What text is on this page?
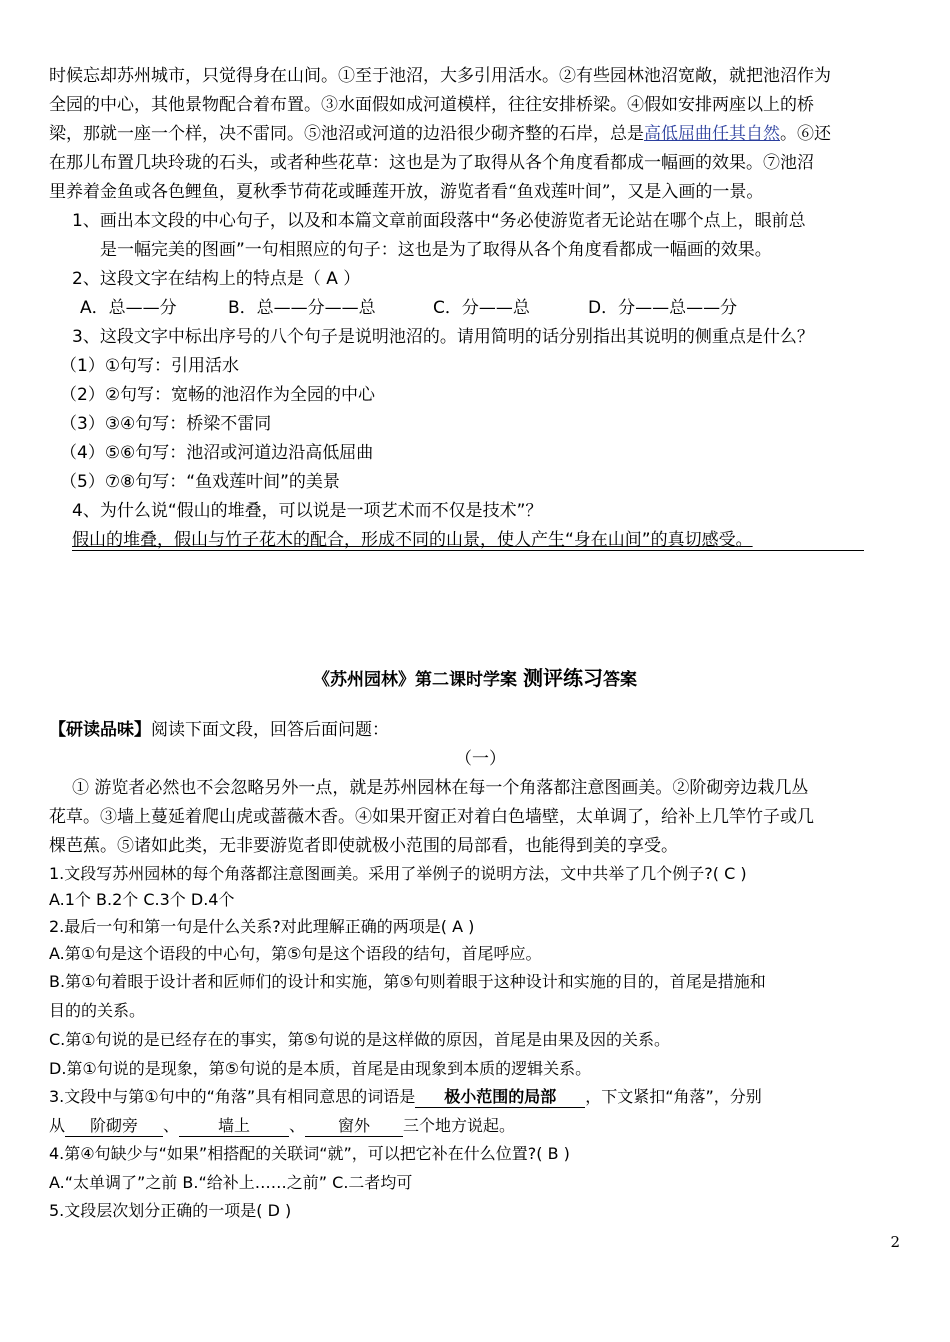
时候忘却苏州城市，只觉得身在山间。①至于池沼，大多引用活水。②有些园林池沼宽敞，就把池沼作为
全园的中心，其他景物配合着布置。③水面假如成河道模样，往往安排桥梁。④假如安排两座以上的桥
梁，那就一座一个样，决不雷同。⑤池沼或河道的边沿很少砌齐整的石岸，总是高低屈曲任其自然。⑥还
在那儿布置几块玲珑的石头，或者种些花草：这也是为了取得从各个角度看都成一幅画的效果。⑦池沼
里养着金鱼或各色鲤鱼，夏秋季节荷花或睡莲开放，游览者看“鱼戏莲叶间”，又是入画的一景。
1、画出本文段的中心句子，以及和本篇文章前面段落中“务必使游览者无论站在哪个点上，眼前总
是一幅完美的图画”一句相照应的句子：这也是为了取得从各个角度看都成一幅画的效果。
2、这段文字在结构上的特点是（ A ）
A．总——分	B．总——分——总	C．分——总	D．分——总——分
3、这段文字中标出序号的八个句子是说明池沼的。请用简明的话分别指出其说明的侧重点是什么？
（1）①句写：引用活水
（2）②句写：宽畅的池沼作为全园的中心
（3）③④句写：桥梁不雷同
（4）⑤⑥句写：池沼或河道边沿高低屈曲
（5）⑦⑧句写：“鱼戏莲叶间”的美景
4、为什么说“假山的堆叠，可以说是一项艺术而不仅是技术”？
假山的堆叠，假山与竹子花木的配合，形成不同的山景，使人产生“身在山间”的真切感受。
《苏州园林》第二课时学案 测评练习答案
【研读品味】阅读下面文段，回答后面问题：
（一）
① 游览者必然也不会忽略另外一点，就是苏州园林在每一个角落都注意图画美。②阶砌旁边栽几丛
花草。③墙上蔓延着爬山虎或蔷薇木香。④如果开窗正对着白色墙壁，太单调了，给补上几竿竹子或几
棵芭蕉。⑤诸如此类，无非要游览者即使就极小范围的局部看，也能得到美的享受。
1.文段写苏州园林的每个角落都注意图画美。采用了举例子的说明方法，文中共举了几个例子?( C )
A.1个 B.2个 C.3个 D.4个
2.最后一句和第一句是什么关系?对此理解正确的两项是( A )
A.第①句是这个语段的中心句，第⑤句是这个语段的结句，首尾呼应。
B.第①句着眼于设计者和匠师们的设计和实施，第⑤句则着眼于这种设计和实施的目的，首尾是措施和
目的的关系。
C.第①句说的是已经存在的事实，第⑤句说的是这样做的原因，首尾是由果及因的关系。
D.第①句说的是现象，第⑤句说的是本质，首尾是由现象到本质的逻辑关系。
3.文段中与第①句中的“角落”具有相同意思的词语是 极小范围的局部 ，下文紧扣“角落”，分别
从 阶砌旁 、 墙上 、 窗外 三个地方说起。
4.第④句缺少与“如果”相搭配的关联词“就”，可以把它补在什么位置?( B )
A.“太单调了”之前 B.“给补上……之前” C.二者均可
5.文段层次划分正确的一项是( D )
2
